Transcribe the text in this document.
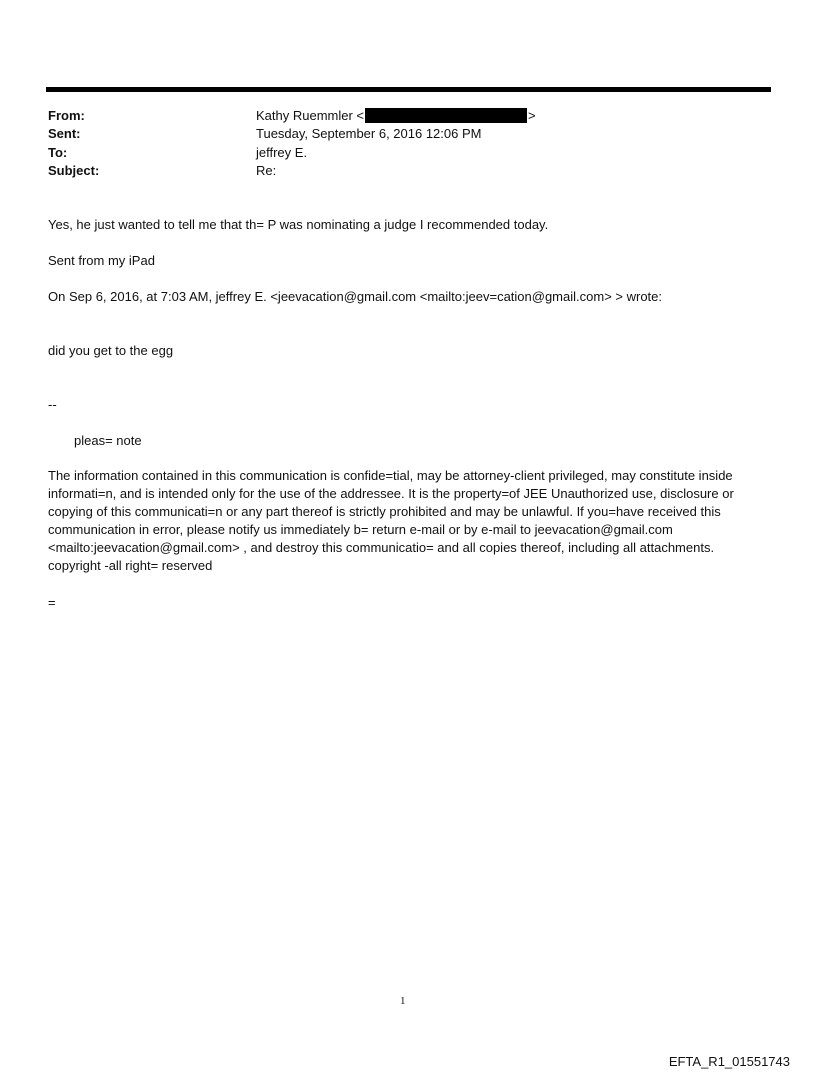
From:	Kathy Ruemmler <	>
Sent:	Tuesday, September 6, 2016 12:06 PM
To:	jeffrey E.
Subject:	Re:
Yes, he just wanted to tell me that th= P was nominating a judge I recommended today.
Sent from my iPad
On Sep 6, 2016, at 7:03 AM, jeffrey E. <jeevacation@gmail.com <mailto:jeev=cation@gmail.com> > wrote:
did you get to the egg
--
pleas= note
The information contained in this communication is confide=tial, may be attorney-client privileged, may constitute inside informati=n, and is intended only for the use of the addressee. It is the property=of JEE Unauthorized use, disclosure or copying of this communicati=n or any part thereof is strictly prohibited and may be unlawful. If you=have received this communication in error, please notify us immediately b= return e-mail or by e-mail to jeevacation@gmail.com <mailto:jeevacation@gmail.com> , and destroy this communicatio= and all copies thereof, including all attachments. copyright -all right= reserved
=
1
EFTA_R1_01551743
